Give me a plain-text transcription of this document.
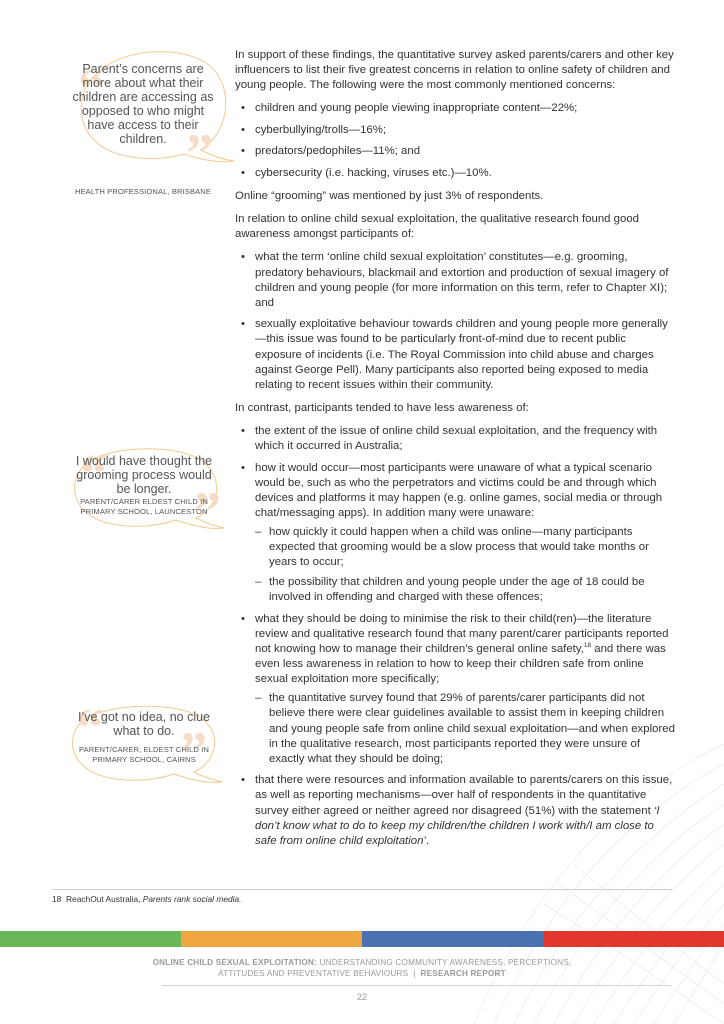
“
”
Parent’s concerns are more about what their children are accessing as opposed to who might have access to their children.
HEALTH PROFESSIONAL, BRISBANE
“
”
I would have thought the grooming process would be longer.
PARENT/CARER ELDEST CHILD IN PRIMARY SCHOOL, LAUNCESTON
“ ”
I’ve got no idea, no clue what to do.
PARENT/CARER, ELDEST CHILD IN PRIMARY SCHOOL, CAIRNS

In support of these findings, the quantitative survey asked parents/carers and other key influencers to list their five greatest concerns in relation to online safety of children and young people. The following were the most commonly mentioned concerns:

• children and young people viewing inappropriate content—22%;
• cyberbullying/trolls—16%;
• predators/pedophiles—11%; and
• cybersecurity (i.e. hacking, viruses etc.)—10%.

Online “grooming” was mentioned by just 3% of respondents.

In relation to online child sexual exploitation, the qualitative research found good awareness amongst participants of:

• what the term ‘online child sexual exploitation’ constitutes—e.g. grooming, predatory behaviours, blackmail and extortion and production of sexual imagery of children and young people (for more information on this term, refer to Chapter XI); and
• sexually exploitative behaviour towards children and young people more generally—this issue was found to be particularly front-of-mind due to recent public exposure of incidents (i.e. The Royal Commission into child abuse and charges against George Pell). Many participants also reported being exposed to media relating to recent issues within their community.

In contrast, participants tended to have less awareness of:

• the extent of the issue of online child sexual exploitation, and the frequency with which it occurred in Australia;
• how it would occur—most participants were unaware of what a typical scenario would be, such as who the perpetrators and victims could be and through which devices and platforms it may happen (e.g. online games, social media or through chat/messaging apps). In addition many were unaware:
– how quickly it could happen when a child was online—many participants expected that grooming would be a slow process that would take months or years to occur;
– the possibility that children and young people under the age of 18 could be involved in offending and charged with these offences;
• what they should be doing to minimise the risk to their child(ren)—the literature review and qualitative research found that many parent/carer participants reported not knowing how to manage their children’s general online safety,$^{18}$ and there was even less awareness in relation to how to keep their children safe from online sexual exploitation more specifically;
– the quantitative survey found that 29% of parents/carer participants did not believe there were clear guidelines available to assist them in keeping children and young people safe from online child sexual exploitation—and when explored in the qualitative research, most participants reported they were unsure of exactly what they should be doing;
• that there were resources and information available to parents/carers on this issue, as well as reporting mechanisms—over half of respondents in the quantitative survey either agreed or neither agreed nor disagreed (51%) with the statement ‘I don’t know what to do to keep my children/the children I work with/I am close to safe from online child exploitation’.
18 ReachOut Australia, Parents rank social media.
ONLINE CHILD SEXUAL EXPLOITATION: UNDERSTANDING COMMUNITY AWARENESS, PERCEPTIONS,
ATTITUDES AND PREVENTATIVE BEHAVIOURS | RESEARCH REPORT
22
